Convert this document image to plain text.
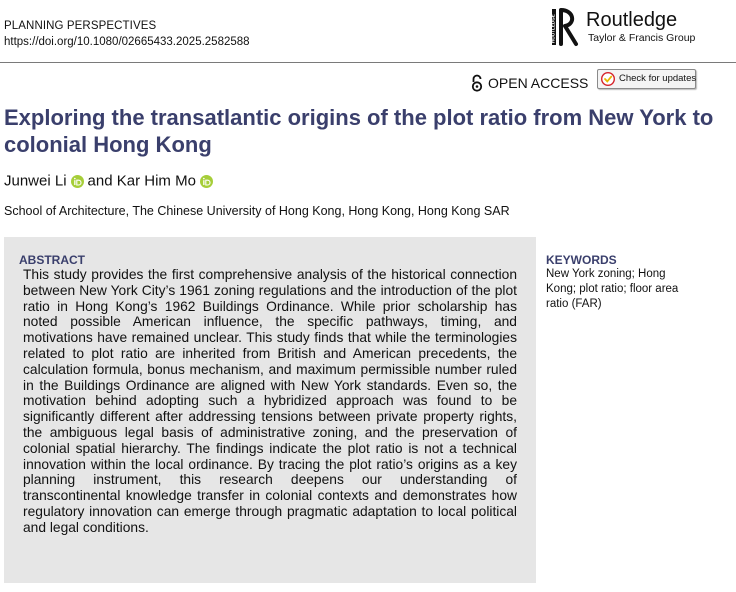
PLANNING PERSPECTIVES
https://doi.org/10.1080/02665433.2025.2582588	ROUTLEDGE Routledge
Taylor & Francis Group
OPEN ACCESS	Check for updates
Exploring the transatlantic origins of the plot ratio from New York to colonial Hong Kong
Junwei Li and Kar Him Mo
School of Architecture, The Chinese University of Hong Kong, Hong Kong, Hong Kong SAR
ABSTRACT

This study provides the first comprehensive analysis of the historical connection between New York City’s 1961 zoning regulations and the introduction of the plot ratio in Hong Kong’s 1962 Buildings Ordinance. While prior scholarship has noted possible American influence, the specific pathways, timing, and motivations have remained unclear. This study finds that while the terminologies related to plot ratio are inherited from British and American precedents, the calculation formula, bonus mechanism, and maximum permissible number ruled in the Buildings Ordinance are aligned with New York standards. Even so, the motivation behind adopting such a hybridized approach was found to be significantly different after addressing tensions between private property rights, the ambiguous legal basis of administrative zoning, and the preservation of colonial spatial hierarchy. The findings indicate the plot ratio is not a technical innovation within the local ordinance. By tracing the plot ratio’s origins as a key planning instrument, this research deepens our understanding of transcontinental knowledge transfer in colonial contexts and demonstrates how regulatory innovation can emerge through pragmatic adaptation to local political and legal conditions.

KEYWORDS

New York zoning; Hong Kong; plot ratio; floor area ratio (FAR)
